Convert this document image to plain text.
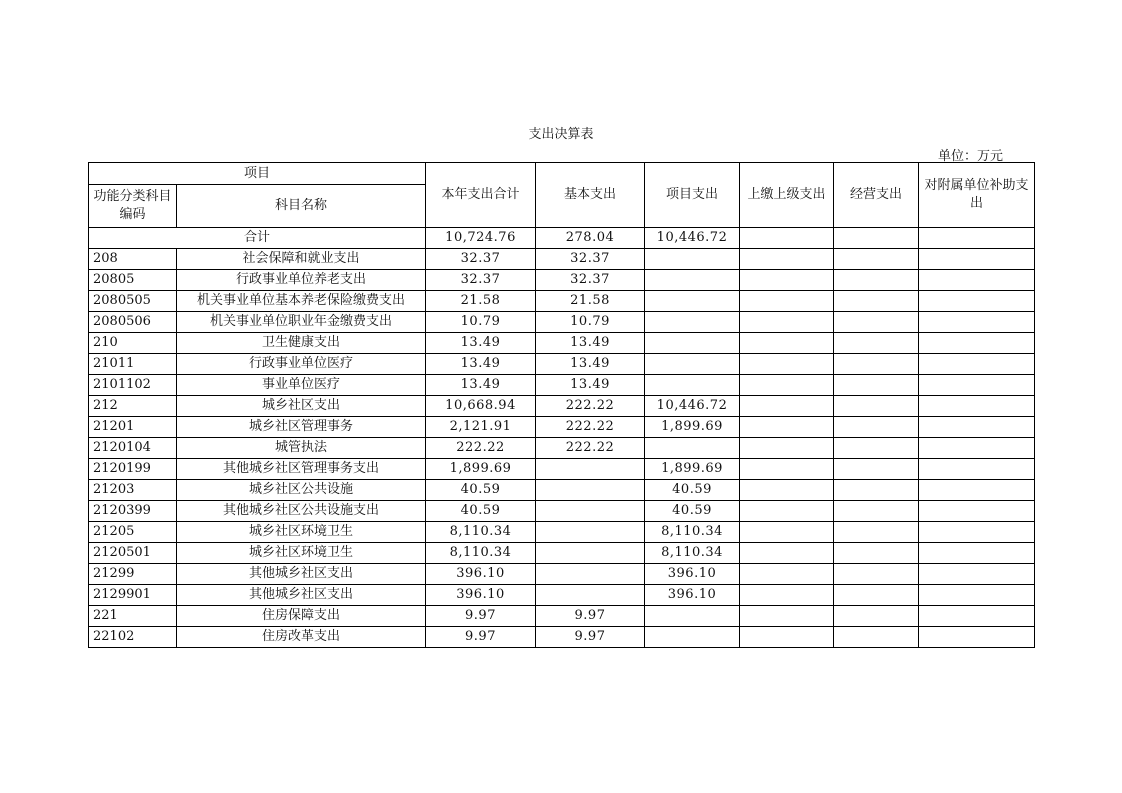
支出决算表
单位：万元
项目		本年支出合计	基本支出	项目支出	上缴上级支出	经营支出	对附属单位补助支出
功能分类科目编码	科目名称						
合计		10,724.76	278.04	10,446.72			
208	社会保障和就业支出	32.37	32.37				
20805	行政事业单位养老支出	32.37	32.37				
2080505	机关事业单位基本养老保险缴费支出	21.58	21.58				
2080506	机关事业单位职业年金缴费支出	10.79	10.79				
210	卫生健康支出	13.49	13.49				
21011	行政事业单位医疗	13.49	13.49				
2101102	事业单位医疗	13.49	13.49				
212	城乡社区支出	10,668.94	222.22	10,446.72			
21201	城乡社区管理事务	2,121.91	222.22	1,899.69			
2120104	城管执法	222.22	222.22				
2120199	其他城乡社区管理事务支出	1,899.69		1,899.69			
21203	城乡社区公共设施	40.59		40.59			
2120399	其他城乡社区公共设施支出	40.59		40.59			
21205	城乡社区环境卫生	8,110.34		8,110.34			
2120501	城乡社区环境卫生	8,110.34		8,110.34			
21299	其他城乡社区支出	396.10		396.10			
2129901	其他城乡社区支出	396.10		396.10			
221	住房保障支出	9.97	9.97				
22102	住房改革支出	9.97	9.97				
